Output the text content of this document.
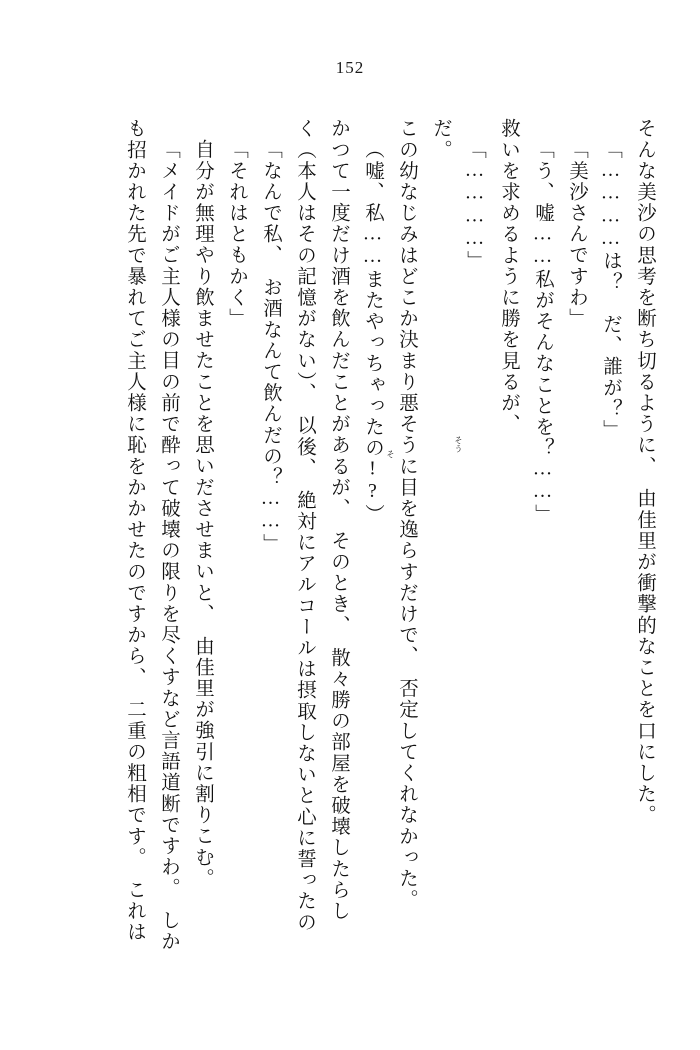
152
そんな美沙の思考を断ち切るように、　由佳里が衝撃的なことを口にした。
「…………は？　だ、誰が？」
「美沙さんですわ」
「う、嘘……私がそんなことを？……」
救いを求めるように勝を見るが、
「…………」
だ。
この幼なじみはどこか決まり悪そうに目を逸らすだけで、　否定してくれなかった。
（嘘、私……またやっちゃったの!?）
かつて一度だけ酒を飲んだことがあるが、　そのとき、　散々勝の部屋を破壊したらし
く（本人はその記憶がない）、　以後、　絶対にアルコールは摂取しないと心に誓ったの
「なんで私、　お酒なんて飲んだの？……」
「それはともかく」
自分が無理やり飲ませたことを思いださせまいと、　由佳里が強引に割りこむ。
「メイドがご主人様の目の前で酔って破壊の限りを尽くすなど言語道断ですわ。　しか
も招かれた先で暴れてご主人様に恥をかかせたのですから、　二重の粗相です。　これは	そ
そう
